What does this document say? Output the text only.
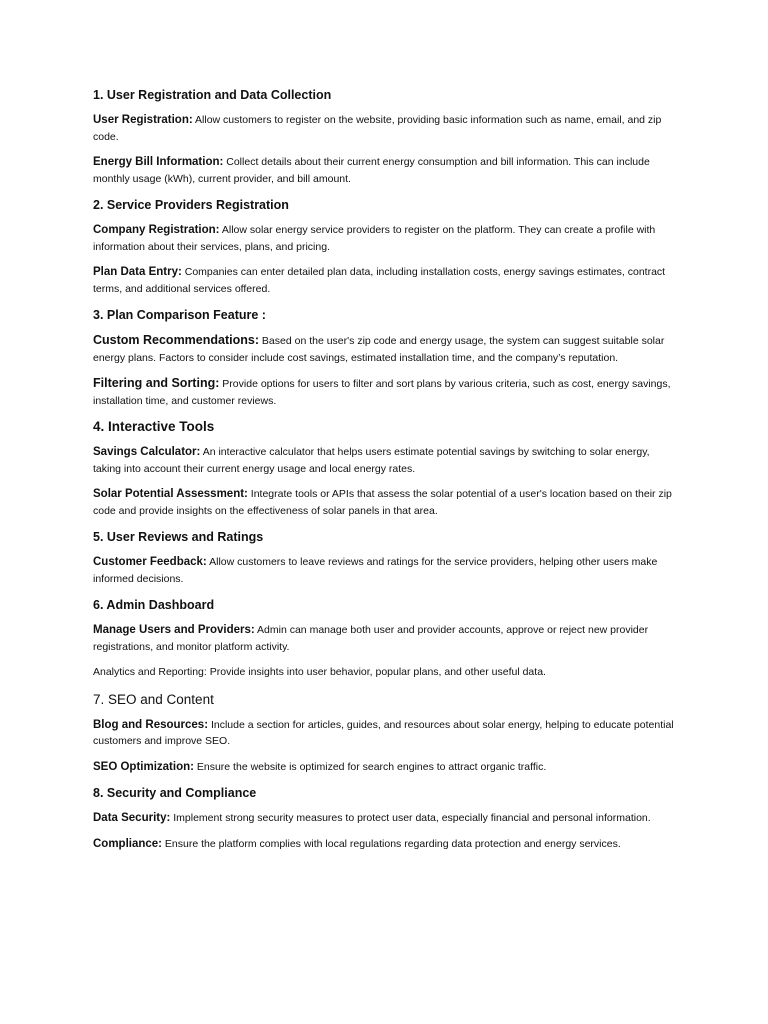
1. User Registration and Data Collection

User Registration: Allow customers to register on the website, providing basic information such as name, email, and zip code.

Energy Bill Information: Collect details about their current energy consumption and bill information. This can include monthly usage (kWh), current provider, and bill amount.

2. Service Providers Registration

Company Registration: Allow solar energy service providers to register on the platform. They can create a profile with information about their services, plans, and pricing.

Plan Data Entry: Companies can enter detailed plan data, including installation costs, energy savings estimates, contract terms, and additional services offered.

3. Plan Comparison Feature :

Custom Recommendations: Based on the user's zip code and energy usage, the system can suggest suitable solar energy plans. Factors to consider include cost savings, estimated installation time, and the company’s reputation.

Filtering and Sorting: Provide options for users to filter and sort plans by various criteria, such as cost, energy savings, installation time, and customer reviews.

4. Interactive Tools

Savings Calculator: An interactive calculator that helps users estimate potential savings by switching to solar energy, taking into account their current energy usage and local energy rates.

Solar Potential Assessment: Integrate tools or APIs that assess the solar potential of a user's location based on their zip code and provide insights on the effectiveness of solar panels in that area.

5. User Reviews and Ratings

Customer Feedback: Allow customers to leave reviews and ratings for the service providers, helping other users make informed decisions.

6. Admin Dashboard

Manage Users and Providers: Admin can manage both user and provider accounts, approve or reject new provider registrations, and monitor platform activity.

Analytics and Reporting: Provide insights into user behavior, popular plans, and other useful data.

7. SEO and Content

Blog and Resources: Include a section for articles, guides, and resources about solar energy, helping to educate potential customers and improve SEO.

SEO Optimization: Ensure the website is optimized for search engines to attract organic traffic.

8. Security and Compliance

Data Security: Implement strong security measures to protect user data, especially financial and personal information.

Compliance: Ensure the platform complies with local regulations regarding data protection and energy services.
